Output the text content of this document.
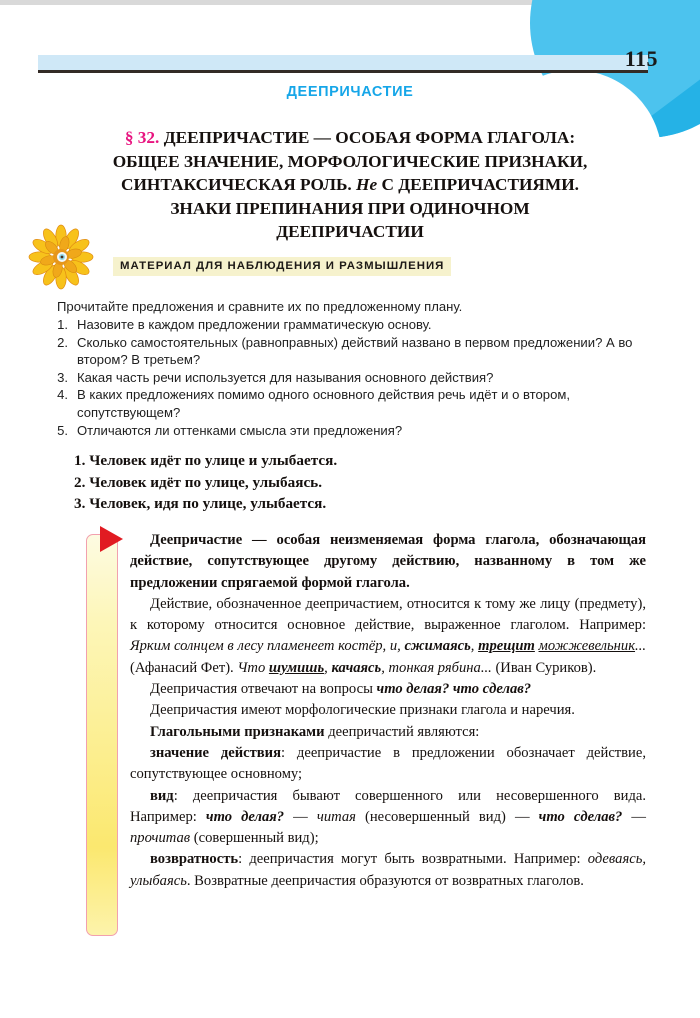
115
ДЕЕПРИЧАСТИЕ
§ 32. ДЕЕПРИЧАСТИЕ — ОСОБАЯ ФОРМА ГЛАГОЛА:
ОБЩЕЕ ЗНАЧЕНИЕ, МОРФОЛОГИЧЕСКИЕ ПРИЗНАКИ,
СИНТАКСИЧЕСКАЯ РОЛЬ. Не С ДЕЕПРИЧАСТИЯМИ.
ЗНАКИ ПРЕПИНАНИЯ ПРИ ОДИНОЧНОМ
ДЕЕПРИЧАСТИИ
МАТЕРИАЛ ДЛЯ НАБЛЮДЕНИЯ И РАЗМЫШЛЕНИЯ
Прочитайте предложения и сравните их по предложенному плану.
1. Назовите в каждом предложении грамматическую основу.
2. Сколько самостоятельных (равноправных) действий названо в первом предложении? А во втором? В третьем?
3. Какая часть речи используется для называния основного действия?
4. В каких предложениях помимо одного основного действия речь идёт и о втором, сопутствующем?
5. Отличаются ли оттенками смысла эти предложения?
1. Человек идёт по улице и улыбается.
2. Человек идёт по улице, улыбаясь.
3. Человек, идя по улице, улыбается.

Деепричастие — особая неизменяемая форма глагола, обозначающая действие, сопутствующее другому действию, названному в том же предложении спрягаемой формой глагола.

Действие, обозначенное деепричастием, относится к тому же лицу (предмету), к которому относится основное действие, выраженное глаголом. Например: Ярким солнцем в лесу пламенеет костёр, и, сжимаясь, трещит можжевельник... (Афанасий Фет). Что шумишь, качаясь, тонкая рябина... (Иван Суриков).

Деепричастия отвечают на вопросы что делая? что сделав?

Деепричастия имеют морфологические признаки глагола и наречия.

Глагольными признаками деепричастий являются:

значение действия: деепричастие в предложении обозначает действие, сопутствующее основному;

вид: деепричастия бывают совершенного или несовершенного вида. Например: что делая? — читая (несовершенный вид) — что сделав? — прочитав (совершенный вид);

возвратность: деепричастия могут быть возвратными. Например: одеваясь, улыбаясь. Возвратные деепричастия образуются от возвратных глаголов.
